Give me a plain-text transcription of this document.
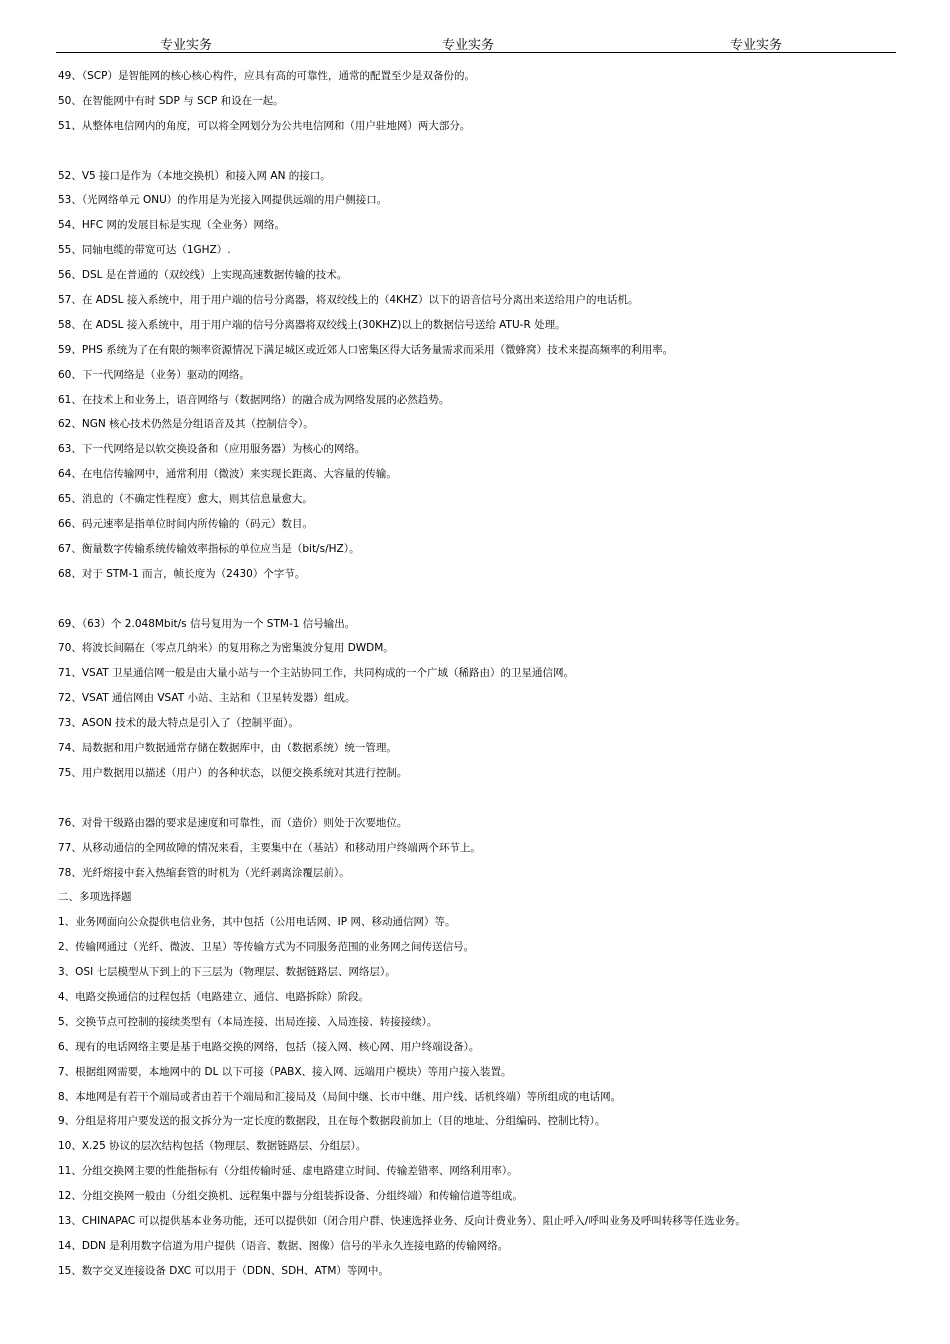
专业实务	专业实务	专业实务
49、（SCP）是智能网的核心核心构件，应具有高的可靠性，通常的配置至少是双备份的。
50、在智能网中有时 SDP 与 SCP 和设在一起。
51、从整体电信网内的角度，可以将全网划分为公共电信网和（用户驻地网）两大部分。
52、V5 接口是作为（本地交换机）和接入网 AN 的接口。
53、（光网络单元 ONU）的作用是为光接入网提供远端的用户侧接口。
54、HFC 网的发展目标是实现（全业务）网络。
55、同轴电缆的带宽可达（1GHZ）.
56、DSL 是在普通的（双绞线）上实现高速数据传输的技术。
57、在 ADSL 接入系统中，用于用户端的信号分离器，将双绞线上的（4KHZ）以下的语音信号分离出来送给用户的电话机。
58、在 ADSL 接入系统中，用于用户端的信号分离器将双绞线上(30KHZ)以上的数据信号送给 ATU-R 处理。
59、PHS 系统为了在有限的频率资源情况下满足城区或近郊人口密集区得大话务量需求而采用（微蜂窝）技术来提高频率的利用率。
60、下一代网络是（业务）驱动的网络。
61、在技术上和业务上，语音网络与（数据网络）的融合成为网络发展的必然趋势。
62、NGN 核心技术仍然是分组语音及其（控制信令）。
63、下一代网络是以软交换设备和（应用服务器）为核心的网络。
64、在电信传输网中，通常利用（微波）来实现长距离、大容量的传输。
65、消息的（不确定性程度）愈大，则其信息量愈大。
66、码元速率是指单位时间内所传输的（码元）数目。
67、衡量数字传输系统传输效率指标的单位应当是（bit/s/HZ）。
68、对于 STM-1 而言，帧长度为（2430）个字节。
69、（63）个 2.048Mbit/s 信号复用为一个 STM-1 信号输出。
70、将波长间隔在（零点几纳米）的复用称之为密集波分复用 DWDM。
71、VSAT 卫星通信网一般是由大量小站与一个主站协同工作，共同构成的一个广域（稀路由）的卫星通信网。
72、VSAT 通信网由 VSAT 小站、主站和（卫星转发器）组成。
73、ASON 技术的最大特点是引入了（控制平面）。
74、局数据和用户数据通常存储在数据库中，由（数据系统）统一管理。
75、用户数据用以描述（用户）的各种状态，以便交换系统对其进行控制。
76、对骨干级路由器的要求是速度和可靠性，而（造价）则处于次要地位。
77、从移动通信的全网故障的情况来看，主要集中在（基站）和移动用户终端两个环节上。
78、光纤熔接中套入热缩套管的时机为（光纤剥离涂覆层前）。
二、多项选择题
1、业务网面向公众提供电信业务，其中包括（公用电话网、IP 网、移动通信网）等。
2、传输网通过（光纤、微波、卫星）等传输方式为不同服务范围的业务网之间传送信号。
3、OSI 七层模型从下到上的下三层为（物理层、数据链路层、网络层）。
4、电路交换通信的过程包括（电路建立、通信、电路拆除）阶段。
5、交换节点可控制的接续类型有（本局连接、出局连接、入局连接、转接接续）。
6、现有的电话网络主要是基于电路交换的网络，包括（接入网、核心网、用户终端设备）。
7、根据组网需要，本地网中的 DL 以下可接（PABX、接入网、远端用户模块）等用户接入装置。
8、本地网是有若干个端局或者由若干个端局和汇接局及（局间中继、长市中继、用户线、话机终端）等所组成的电话网。
9、分组是将用户要发送的报文拆分为一定长度的数据段，且在每个数据段前加上（目的地址、分组编码、控制比特）。
10、X.25 协议的层次结构包括（物理层、数据链路层、分组层）。
11、分组交换网主要的性能指标有（分组传输时延、虚电路建立时间、传输差错率、网络利用率）。
12、分组交换网一般由（分组交换机、远程集中器与分组装拆设备、分组终端）和传输信道等组成。
13、CHINAPAC 可以提供基本业务功能，还可以提供如（闭合用户群、快速选择业务、反向计费业务）、阻止呼入/呼叫业务及呼叫转移等任选业务。
14、DDN 是利用数字信道为用户提供（语音、数据、图像）信号的半永久连接电路的传输网络。
15、数字交叉连接设备 DXC 可以用于（DDN、SDH、ATM）等网中。
